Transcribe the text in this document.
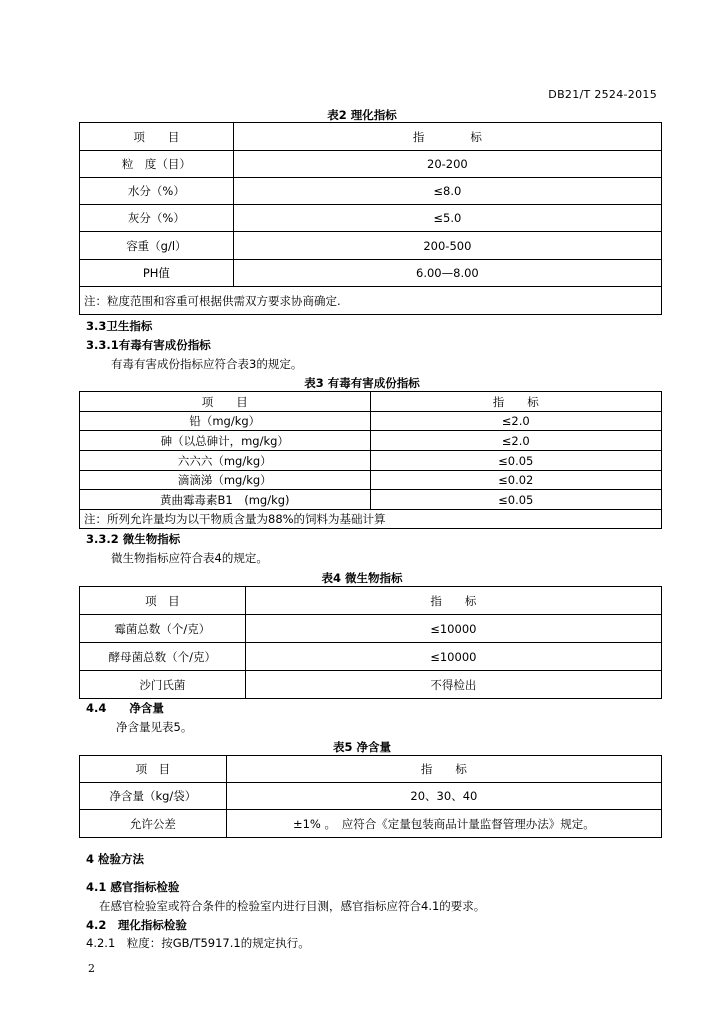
DB21/T 2524-2015
表2 理化指标
项　　目	指　　　　标
粒　度（目）	20-200
水分（%）	≤8.0
灰分（%）	≤5.0
容重（g/l）	200-500
PH值	6.00—8.00
注：粒度范围和容重可根据供需双方要求协商确定.	
3.3卫生指标
3.3.1有毒有害成份指标
有毒有害成份指标应符合表3的规定。
表3 有毒有害成份指标
项　　目	指　　标
铅（mg/kg）	≤2.0
砷（以总砷计，mg/kg）	≤2.0
六六六（mg/kg）	≤0.05
滴滴涕（mg/kg）	≤0.02
黄曲霉毒素B1　(mg/kg)	≤0.05
注：所列允许量均为以干物质含量为88%的饲料为基础计算	
3.3.2 微生物指标
微生物指标应符合表4的规定。
表4 微生物指标
项　目	指　　标
霉菌总数（个/克）	≤10000
酵母菌总数（个/克）	≤10000
沙门氏菌	不得检出
4.4　　净含量
净含量见表5。
表5 净含量
项　目	指　　标
净含量（kg/袋）	20、30、40
允许公差	±1% 。　应符合《定量包装商品计量监督管理办法》规定。
4 检验方法
4.1 感官指标检验
在感官检验室或符合条件的检验室内进行目测，感官指标应符合4.1的要求。
4.2　理化指标检验
4.2.1　粒度：按GB/T5917.1的规定执行。
2
